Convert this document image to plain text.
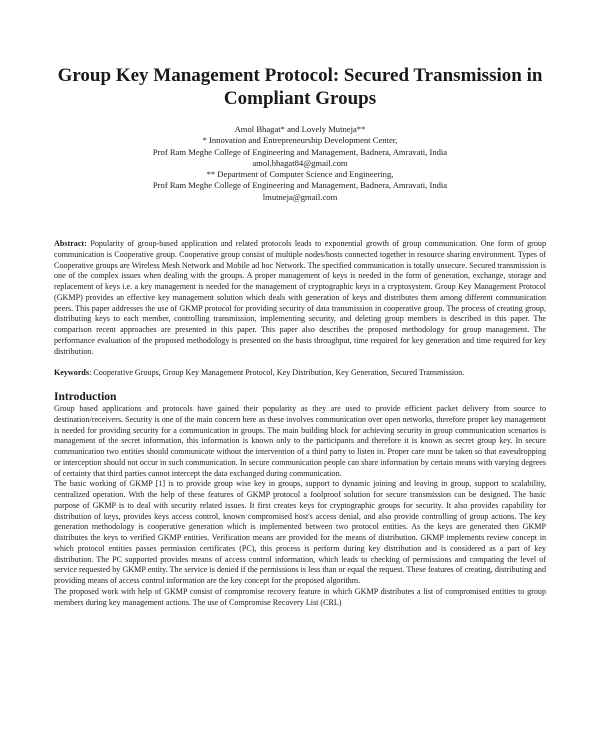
Group Key Management Protocol: Secured Transmission in Compliant Groups
Amol Bhagat* and Lovely Mutneja**
* Innovation and Entrepreneurship Development Center,
Prof Ram Meghe College of Engineering and Management, Badnera, Amravati, India
amol.bhagat84@gmail.com
** Department of Computer Science and Engineering,
Prof Ram Meghe College of Engineering and Management, Badnera, Amravati, India
lmutneja@gmail.com
Abstract: Popularity of group-based application and related protocols leads to exponential growth of group communication. One form of group communication is Cooperative group. Cooperative group consist of multiple nodes/hosts connected together in resource sharing environment. Types of Cooperative groups are Wireless Mesh Network and Mobile ad hoc Network. The specified communication is totally unsecure. Secured transmission is one of the complex issues when dealing with the groups. A proper management of keys is needed in the form of generation, exchange, storage and replacement of keys i.e. a key management is needed for the management of cryptographic keys in a cryptosystem. Group Key Management Protocol (GKMP) provides an effective key management solution which deals with generation of keys and distributes them among different communication peers. This paper addresses the use of GKMP protocol for providing security of data transmission in cooperative group. The process of creating group, distributing keys to each member, controlling transmission, implementing security, and deleting group members is described in this paper. The comparison recent approaches are presented in this paper. This paper also describes the proposed methodology for group management. The performance evaluation of the proposed methodology is presented on the basis throughput, time required for key generation and time required for key distribution.
Keywords: Cooperative Groups, Group Key Management Protocol, Key Distribution, Key Generation, Secured Transmission.
Introduction

Group based applications and protocols have gained their popularity as they are used to provide efficient packet delivery from source to destination/receivers. Security is one of the main concern here as these involves communication over open networks, therefore proper key management is needed for providing security for a communication in groups. The main building block for achieving security in group communication scenarios is management of the secret information, this information is known only to the participants and therefore it is known as secret group key. In secure communication two entities should communicate without the intervention of a third party to listen in. Proper care must be taken so that eavesdropping or interception should not occur in such communication. In secure communication people can share information by certain means with varying degrees of certainty that third parties cannot intercept the data exchanged during communication.

The basic working of GKMP [1] is to provide group wise key in groups, support to dynamic joining and leaving in group, support to scalability, centralized operation. With the help of these features of GKMP protocol a foolproof solution for secure transmission can be designed. The basic purpose of GKMP is to deal with security related issues. It first creates keys for cryptographic groups for security. It also provides capability for distribution of keys, provides keys access control, known compromised host's access denial, and also provide controlling of group actions. The key generation methodology is cooperative generation which is implemented between two protocol entities. As the keys are generated then GKMP distributes the keys to verified GKMP entities. Verification means are provided for the means of distribution. GKMP implements review concept in which protocol entities passes permission certificates (PC), this process is perform during key distribution and is considered as a part of key distribution. The PC supported provides means of access control information, which leads to checking of permissions and comparing the level of service requested by GKMP entity. The service is denied if the permissions is less than or equal the request. These features of creating, distributing and providing means of access control information are the key concept for the proposed algorithm.

The proposed work with help of GKMP consist of compromise recovery feature in which GKMP distributes a list of compromised entities to group members during key management actions. The use of Compromise Recovery List (CRL)
